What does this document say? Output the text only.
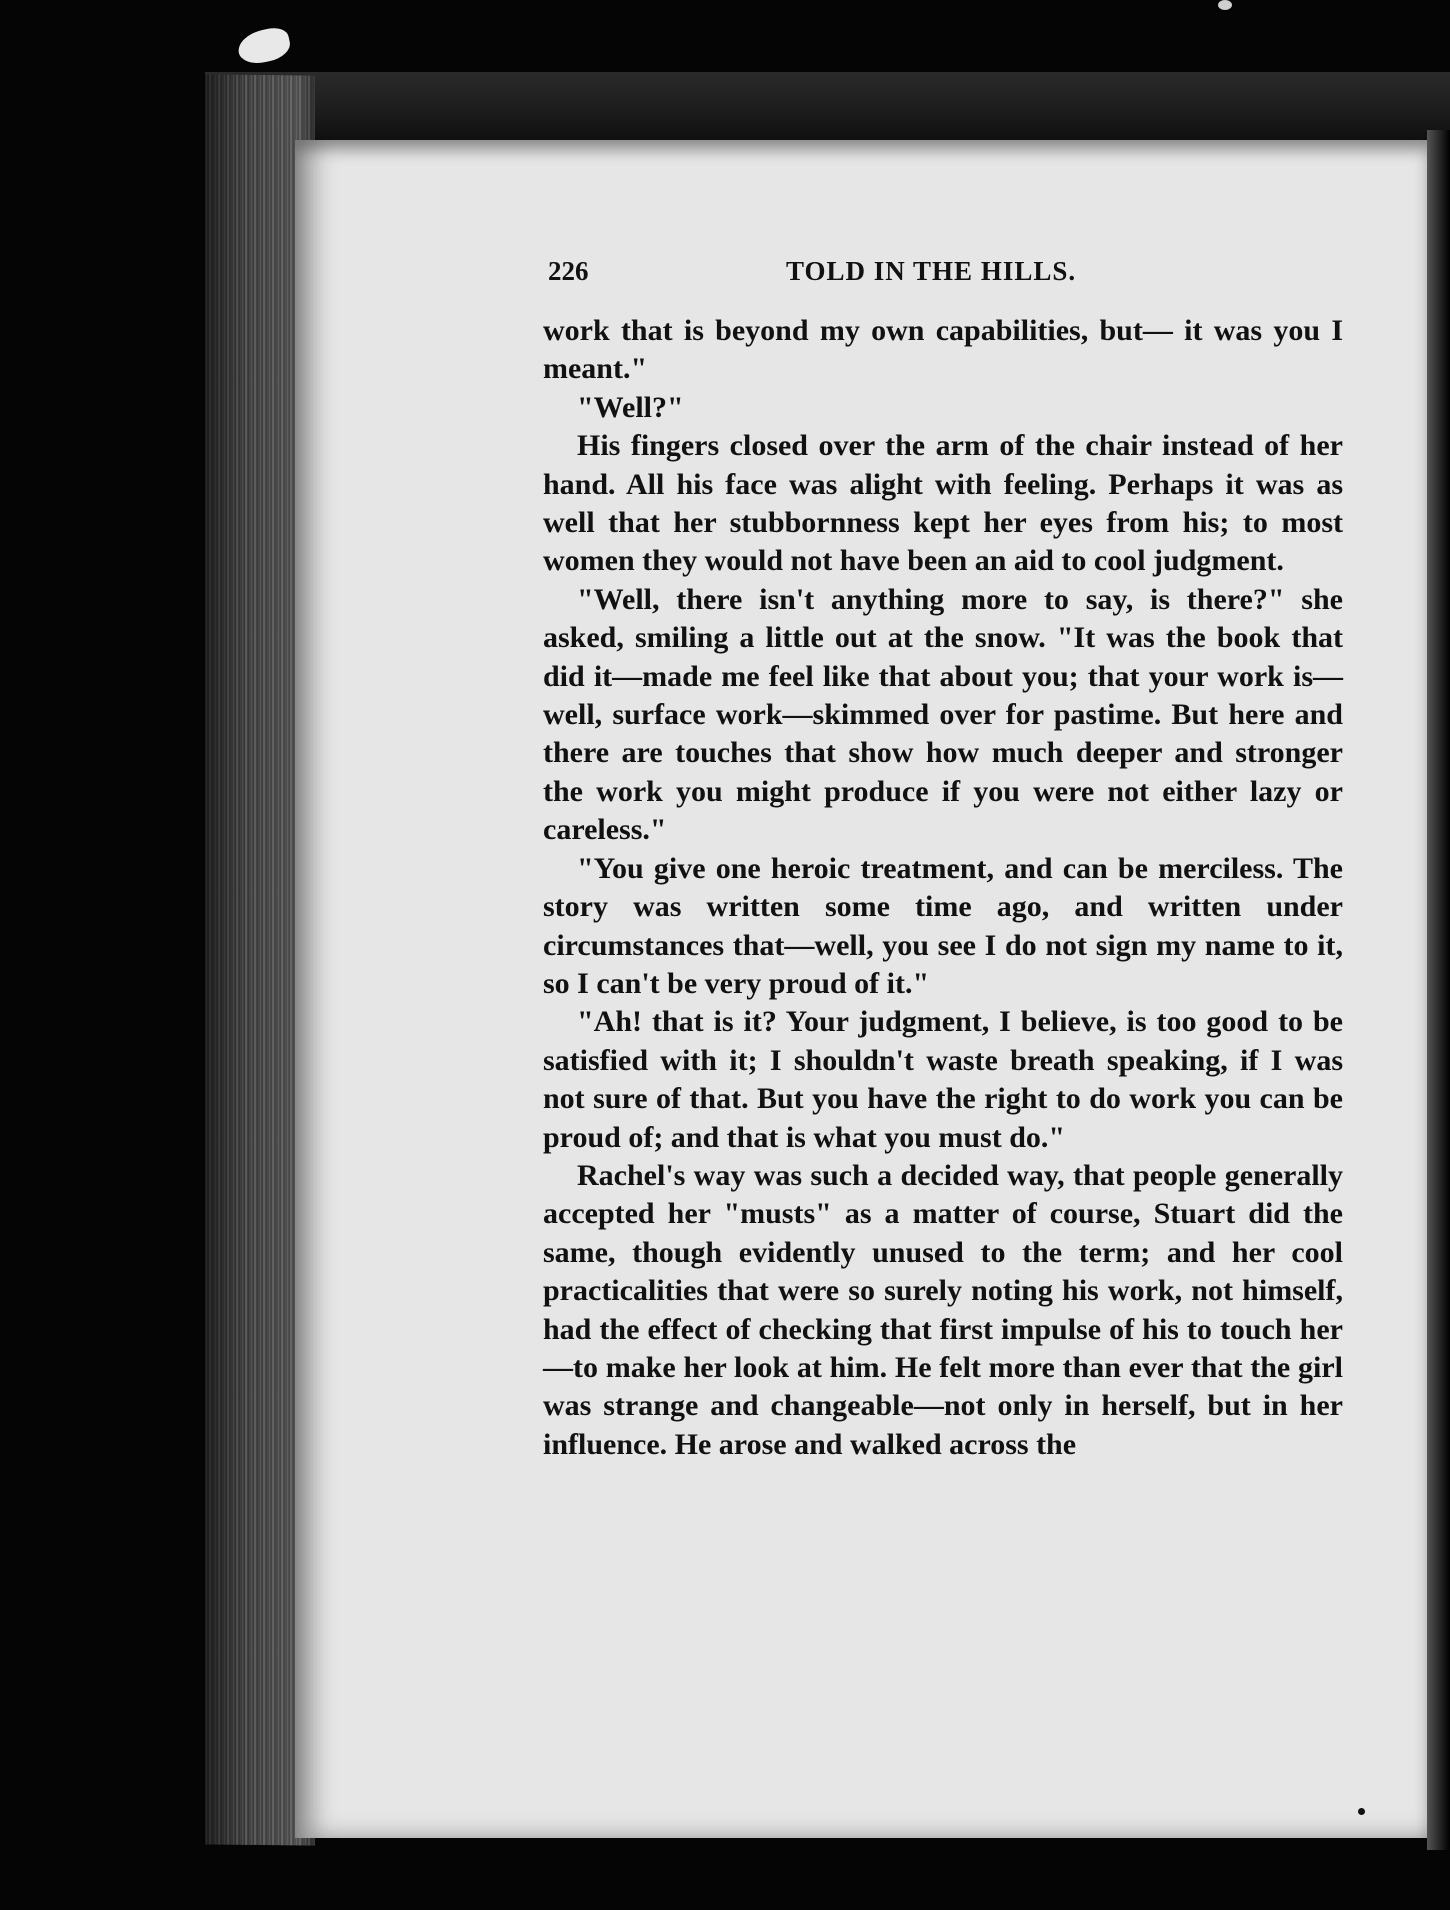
226	TOLD IN THE HILLS.

work that is beyond my own capabilities, but— it was you I meant."

"Well?"

His fingers closed over the arm of the chair instead of her hand. All his face was alight with feeling. Perhaps it was as well that her stubbornness kept her eyes from his; to most women they would not have been an aid to cool judgment.

"Well, there isn't anything more to say, is there?" she asked, smiling a little out at the snow. "It was the book that did it—made me feel like that about you; that your work is—well, surface work—skimmed over for pastime. But here and there are touches that show how much deeper and stronger the work you might produce if you were not either lazy or careless."

"You give one heroic treatment, and can be merciless. The story was written some time ago, and written under circumstances that—well, you see I do not sign my name to it, so I can't be very proud of it."

"Ah! that is it? Your judgment, I believe, is too good to be satisfied with it; I shouldn't waste breath speaking, if I was not sure of that. But you have the right to do work you can be proud of; and that is what you must do."

Rachel's way was such a decided way, that people generally accepted her "musts" as a matter of course, Stuart did the same, though evidently unused to the term; and her cool practicalities that were so surely noting his work, not himself, had the effect of checking that first impulse of his to touch her—to make her look at him. He felt more than ever that the girl was strange and changeable—not only in herself, but in her influence. He arose and walked across the
